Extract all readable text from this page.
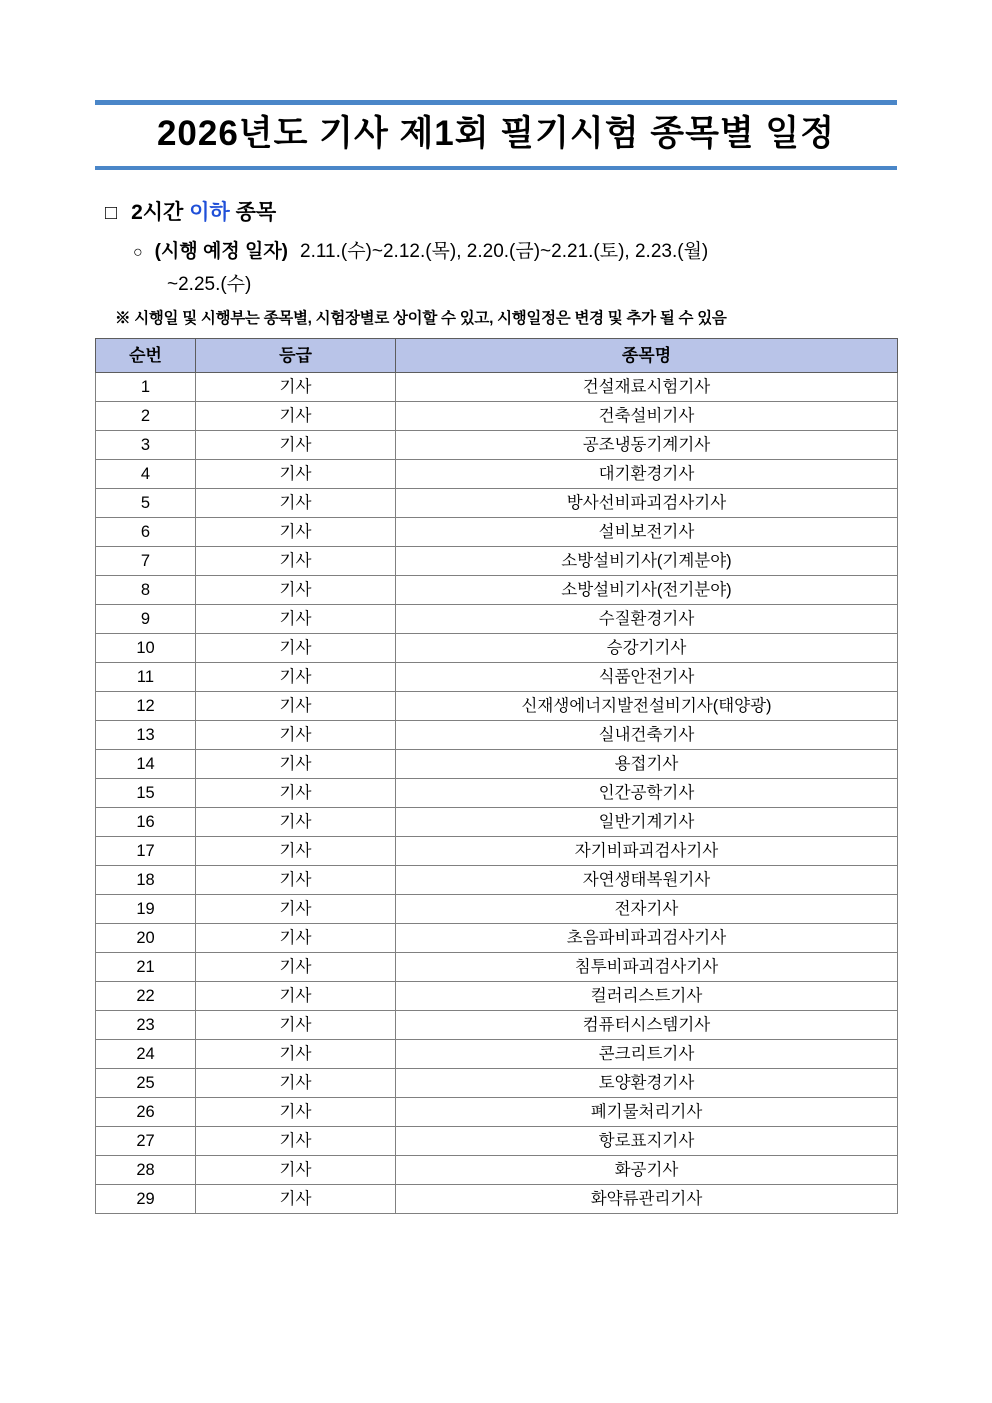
2026년도 기사 제1회 필기시험 종목별 일정
□ 2시간 이하 종목
○ (시행 예정 일자) 2.11.(수)~2.12.(목), 2.20.(금)~2.21.(토), 2.23.(월)
~2.25.(수)
※ 시행일 및 시행부는 종목별, 시험장별로 상이할 수 있고, 시행일정은 변경 및 추가 될 수 있음
순번	등급	종목명
1	기사	건설재료시험기사
2	기사	건축설비기사
3	기사	공조냉동기계기사
4	기사	대기환경기사
5	기사	방사선비파괴검사기사
6	기사	설비보전기사
7	기사	소방설비기사(기계분야)
8	기사	소방설비기사(전기분야)
9	기사	수질환경기사
10	기사	승강기기사
11	기사	식품안전기사
12	기사	신재생에너지발전설비기사(태양광)
13	기사	실내건축기사
14	기사	용접기사
15	기사	인간공학기사
16	기사	일반기계기사
17	기사	자기비파괴검사기사
18	기사	자연생태복원기사
19	기사	전자기사
20	기사	초음파비파괴검사기사
21	기사	침투비파괴검사기사
22	기사	컬러리스트기사
23	기사	컴퓨터시스템기사
24	기사	콘크리트기사
25	기사	토양환경기사
26	기사	폐기물처리기사
27	기사	항로표지기사
28	기사	화공기사
29	기사	화약류관리기사
